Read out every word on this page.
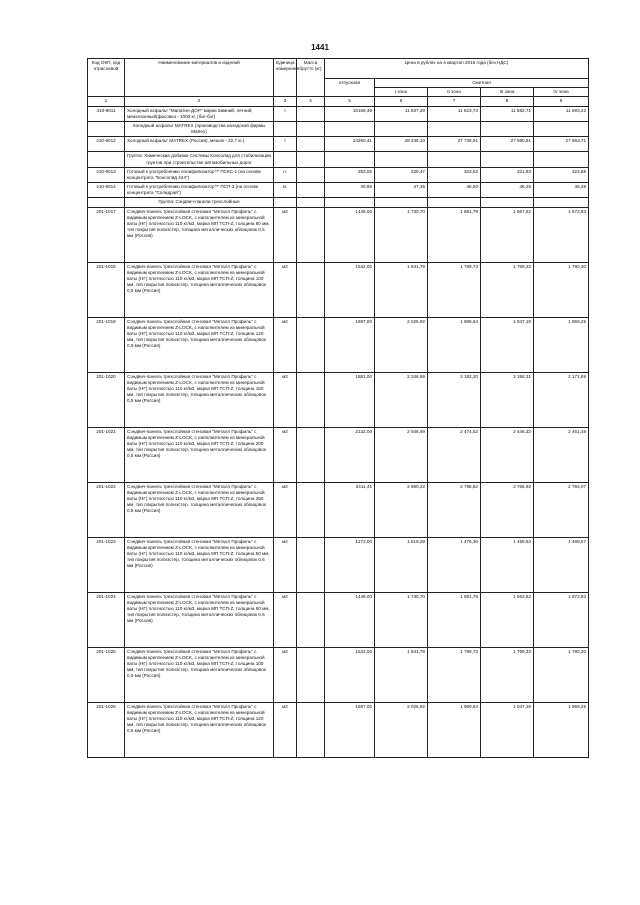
1441
Код ОКП, код отраслевой	Наименование материалов и изделий	Единица измерения	Масса брутто (кг)	Цена в рублях на 4 квартал 2015 года (без НДС)				
				отпускная	Сметная			
					I зона	II зона	III зона	IV зона
1	2	3	4	5	6	7	8	9
410-8011	Холодный асфальт "Мапатин-ДОР" марки Зимний, летний, межсезонный(фасовка - 1000 кг, (биг-бэг)	т		10169,49	11 637,29	11 623,73	11 582,71	11 593,22
	Холодный асфальт MATREX (производства канадской фирмы Matrex)							
410-8012	Холодный асфальт MATREX (Россия), мешок - 22,7 кг.)	т		24260,41	28 246,10	27 736,51	27 590,91	27 663,71
	Группа: Химические добавки Системы Консолид для стабилизации грунтов при строительстве автомобильных дорог							
410-8013	Готовый к употреблению полифилизатор™ ПСКС-1 (на основе концентрата "Консолид 444")	л.		253,05	329,47	323,53	321,83	322,68
410-8014	Готовый к употреблению полифилизатор™ ПСП-3 (на основе концентрата "Солидрай")	кг.		40,86	47,35	46,50	46,25	46,38
	Группа: Сэндвич-панели трехслойные							
201-1017	Сэндвич-панель трехслойная стеновая "Металл Профиль" с видимым креплением Z-LOCK, с наполнителем из минеральной ваты (НГ) плотностью 110 кг/м3, марка МП ТСП-Z, толщина 80 мм, тип покрытия полиэстер, толщина металлических облицовок 0,5 мм (Россия)	м2		1449,00	1 730,70	1 681,79	1 667,62	1 672,93
201-1018	Сэндвич-панель трехслойная стеновая "Металл Профиль" с видимым креплением Z-LOCK, с наполнителем из минеральной ваты (НГ) плотностью 110 кг/м3, марка МП ТСП-Z, толщина 100 мм, тип покрытия полиэстер, толщина металлических облицовок 0,5 мм (Россия)	м2		1542,00	1 841,78	1 789,73	1 769,33	1 780,30
201-1019	Сэндвич-панель трехслойная стеновая "Металл Профиль" с видимым креплением Z-LOCK, с наполнителем из минеральной ваты (НГ) плотностью 110 кг/м3, марка МП ТСП-Z, толщина 120 мм, тип покрытия полиэстер, толщина металлических облицовок 0,5 мм (Россия)	м2		1697,00	2 026,92	1 969,64	1 947,18	1 959,25
201-1020	Сэндвич-панель трехслойная стеновая "Металл Профиль" с видимым креплением Z-LOCK, с наполнителем из минеральной ваты (НГ) плотностью 110 кг/м3, марка МП ТСП-Z, толщина 150 мм, тип покрытия полиэстер, толщина металлических облицовок 0,5 мм (Россия)	м2		1881,00	2 246,69	2 183,20	2 158,31	2 171,69
201-1021	Сэндвич-панель трехслойная стеновая "Металл Профиль" с видимым креплением Z-LOCK, с наполнителем из минеральной ваты (НГ) плотностью 110 кг/м3, марка МП ТСП-Z, толщина 200 мм, тип покрытия полиэстер, толщина металлических облицовок 0,5 мм (Россия)	м2		2132,00	2 546,49	2 474,52	2 446,32	2 461,48
201-1022	Сэндвич-панель трехслойная стеновая "Металл Профиль" с видимым креплением Z-LOCK, с наполнителем из минеральной ваты (НГ) плотностью 110 кг/м3, марка МП ТСП-Z, толщина 250 мм, тип покрытия полиэстер, толщина металлических облицовок 0,5 мм (Россия)	м2		2411,41	2 880,22	2 798,82	2 766,92	2 784,07
201-1023	Сэндвич-панель трехслойная стеновая "Металл Профиль" с видимым креплением Z-LOCK, с наполнителем из минеральной ваты (НГ) плотностью 110 кг/м3, марка МП ТСП-Z, толщина 50 мм, тип покрытия полиэстер, толщина металлических облицовок 0,6 мм (Россия)	м2		1272,00	1 519,29	1 476,36	1 459,53	1 468,57
201-1024	Сэндвич-панель трехслойная стеновая "Металл Профиль" с видимым креплением Z-LOCK, с наполнителем из минеральной ваты (НГ) плотностью 110 кг/м3, марка МП ТСП-Z, толщина 80 мм, тип покрытия полиэстер, толщина металлических облицовок 0,6 мм (Россия)	м2		1449,00	1 730,70	1 681,79	1 662,62	1 672,93
201-1025	Сэндвич-панель трехслойная стеновая "Металл Профиль" с видимым креплением Z-LOCK, с наполнителем из минеральной ваты (НГ) плотностью 110 кг/м3, марка МП ТСП-Z, толщина 100 мм, тип покрытия полиэстер, толщина металлических облицовок 0,6 мм (Россия)	м2		1542,00	1 841,78	1 789,73	1 769,33	1 780,30
201-1026	Сэндвич-панель трехслойная стеновая "Металл Профиль" с видимым креплением Z-LOCK, с наполнителем из минеральной ваты (НГ) плотностью 110 кг/м3, марка МП ТСП-Z, толщина 120 мм, тип покрытия полиэстер, толщина металлических облицовок 0,6 мм (Россия)	м2		1697,00	2 026,92	1 969,64	1 947,18	1 959,25
